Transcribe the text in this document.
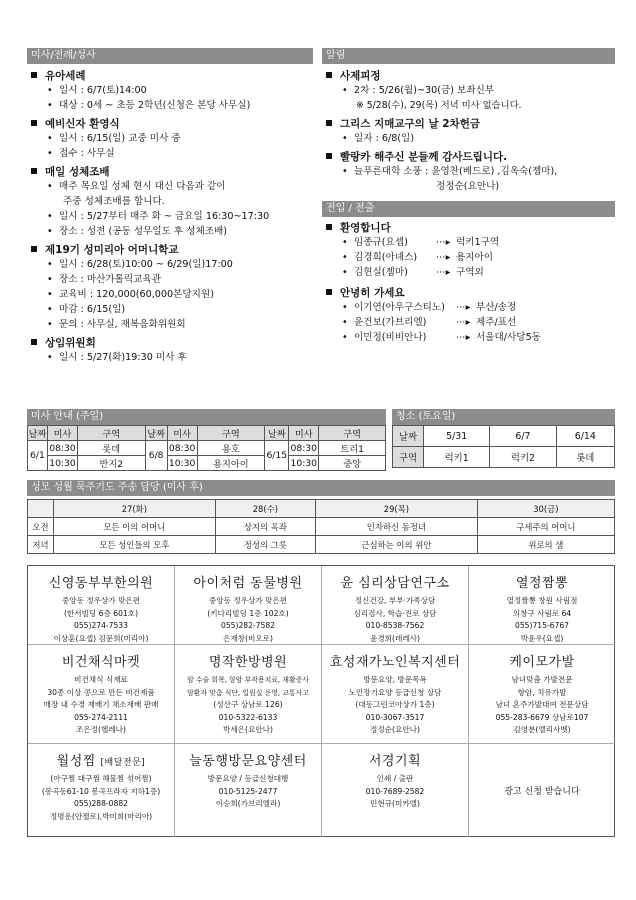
미사/전례/성사
유아세례
• 일시 : 6/7(토)14:00
• 대상 : 0세 ~ 초등 2학년(신청은 본당 사무실)
예비신자 환영식
• 일시 : 6/15(일) 교중 미사 중
• 접수 : 사무실
매일 성체조배
• 매주 목요일 성체 현시 대신 다음과 같이
주중 성체조배를 합니다.
• 일시 : 5/27부터 매주 화 ~ 금요일 16:30~17:30
• 장소 : 성전 (공동 성무일도 후 성체조배)
제19기 성미리아 어머니학교
• 일시 : 6/28(토)10:00 ~ 6/29(일)17:00
• 장소 : 마산가톨릭교육관
• 교육비 : 120,000(60,000본당지원)
• 마감 : 6/15(일)
• 문의 : 사무실, 재복음화위원회
상임위원회
• 일시 : 5/27(화)19:30 미사 후
알림
사제피정
• 2차 : 5/26(월)~30(금) 보좌신부
※ 5/28(수), 29(목) 저녁 미사 없습니다.
그리스 지매교구의 날 2차헌금
• 일자 : 6/8(일)
빨랑카 해주신 분들께 감사드립니다.
• 늘푸른대학 소풍 : 윤영찬(베드로) ,김옥숙(젬마),
정정순(요안나)
전입 / 전출
환영합니다
• 임종규(요셉)	⋯▸ 럭키1구역
• 김경희(아녜스)	⋯▸ 용지아이
• 김현실(젬마)	⋯▸ 구역외
안녕히 가세요
• 이기연(아우구스티노)	⋯▸ 부산/송정
• 윤건보(가브리엘)	⋯▸ 제주/표선
• 이민정(비비안나)	⋯▸ 서울대/사당5동
미사 안내 (주일)
날짜	미사	구역	날짜	미사	구역	날짜	미사	구역
6/1	08:30	롯데	6/8	08:30	용호	6/15	08:30	트리1
	10:30	반지2		10:30	용지아이		10:30	중앙
청소 (토요일)
날짜	5/31	6/7	6/14
구역	럭키1	럭키2	롯데
성모 성월 묵주기도 주송 담당 (미사 후)
	27(화)	28(수)	29(목)	30(금)
오전	모든 이의 어머니	상지의 옥좌	인자하신 동정녀	구세주의 어머니
저녁	모든 성인들의 모후	정성의 그릇	근심하는 이의 위안	위로의 샘
신영동부부한의원
중앙동 정우상가 맞은편
(한서빌딩 6층 601호)
055)274-7533
이상훈(요셉) 김문희(미리아)
아이처럼 동물병원
중앙동 정우상가 맞은편
(키다리빌딩 1층 102호)
055)282-7582
은재창(비오로)
윤 심리상담연구소
정신건강, 부부·가족상담
심리검사, 학습·진로 상담
010-8538-7562
윤경희(데레사)
열정짬뽕
열정짬뽕 창원 사림점
의창구 사림로 64
055)715-6767
박윤우(요셉)
비건채식마켓
비건채식 식재료
30종 이상 콩으로 만든 비건제품
매장 내 수경 재배기 채소재배 판매
055-274-2111
조은정(헬레나)
명작한방병원
암 수술 회복, 항암 부작용치료, 재활증사
암환자 맞춤 식단, 입원실 운영, 교통사고
(성산구 상남로 126)
010-5322-6133
박세은(요안나)
효성재가노인복지센터
방문요양, 방문목욕
노인장기요양 등급신청 상담
(대동그린코아상가 1층)
010-3067-3517
정정순(요안나)
케이모가발
남녀맞춤 가발전문
항암, 치유가발
남녀 혼주가발대여 전문상담
055-283-6679 상남로107
김영분(엘리사벳)
월성찜 [배달전문]
(아구찜 대구찜 해물찜 섞어찜)
(봉곡동61-10 봉곡프라자 지하1층)
055)288-0882
정명운(안젤로),박미희(마리아)
늘동행방문요양센터
방문요양 / 등급신청대행
010-5125-2477
이승희(가브리엘라)
서경기획
인쇄 / 출판
010-7689-2582
민현규(미카엘)
광고 신청 받습니다
